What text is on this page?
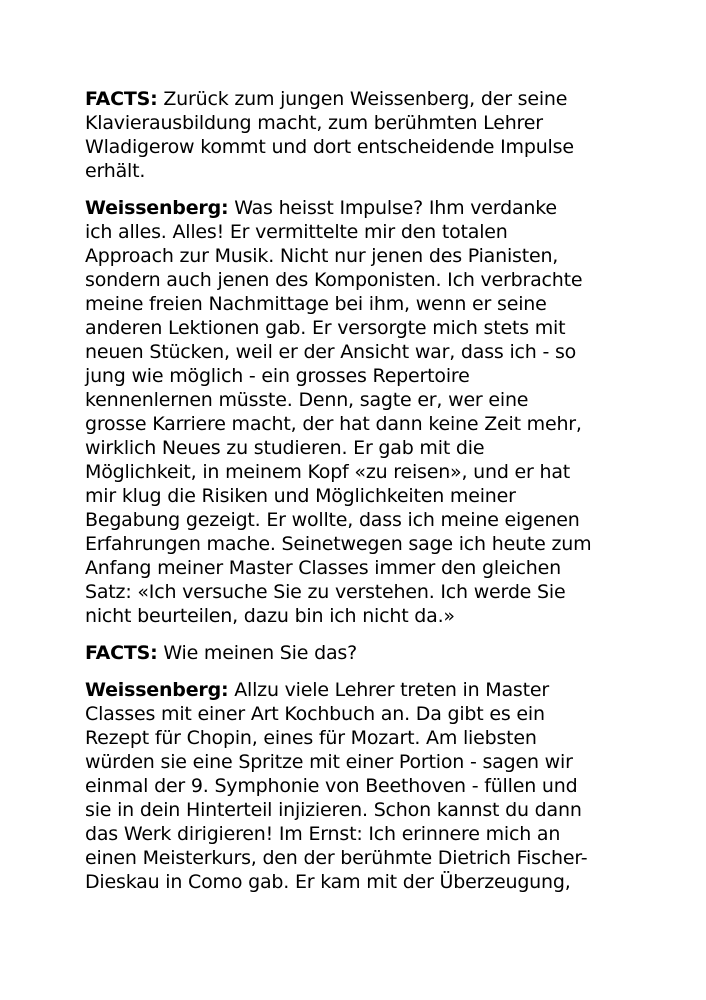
FACTS: Zurück zum jungen Weissenberg, der seine
Klavierausbildung macht, zum berühmten Lehrer
Wladigerow kommt und dort entscheidende Impulse
erhält.

Weissenberg: Was heisst Impulse? Ihm verdanke
ich alles. Alles! Er vermittelte mir den totalen
Approach zur Musik. Nicht nur jenen des Pianisten,
sondern auch jenen des Komponisten. Ich verbrachte
meine freien Nachmittage bei ihm, wenn er seine
anderen Lektionen gab. Er versorgte mich stets mit
neuen Stücken, weil er der Ansicht war, dass ich - so
jung wie möglich - ein grosses Repertoire
kennenlernen müsste. Denn, sagte er, wer eine
grosse Karriere macht, der hat dann keine Zeit mehr,
wirklich Neues zu studieren. Er gab mit die
Möglichkeit, in meinem Kopf «zu reisen», und er hat
mir klug die Risiken und Möglichkeiten meiner
Begabung gezeigt. Er wollte, dass ich meine eigenen
Erfahrungen mache. Seinetwegen sage ich heute zum
Anfang meiner Master Classes immer den gleichen
Satz: «Ich versuche Sie zu verstehen. Ich werde Sie
nicht beurteilen, dazu bin ich nicht da.»

FACTS: Wie meinen Sie das?

Weissenberg: Allzu viele Lehrer treten in Master
Classes mit einer Art Kochbuch an. Da gibt es ein
Rezept für Chopin, eines für Mozart. Am liebsten
würden sie eine Spritze mit einer Portion - sagen wir
einmal der 9. Symphonie von Beethoven - füllen und
sie in dein Hinterteil injizieren. Schon kannst du dann
das Werk dirigieren! Im Ernst: Ich erinnere mich an
einen Meisterkurs, den der berühmte Dietrich Fischer-
Dieskau in Como gab. Er kam mit der Überzeugung,
